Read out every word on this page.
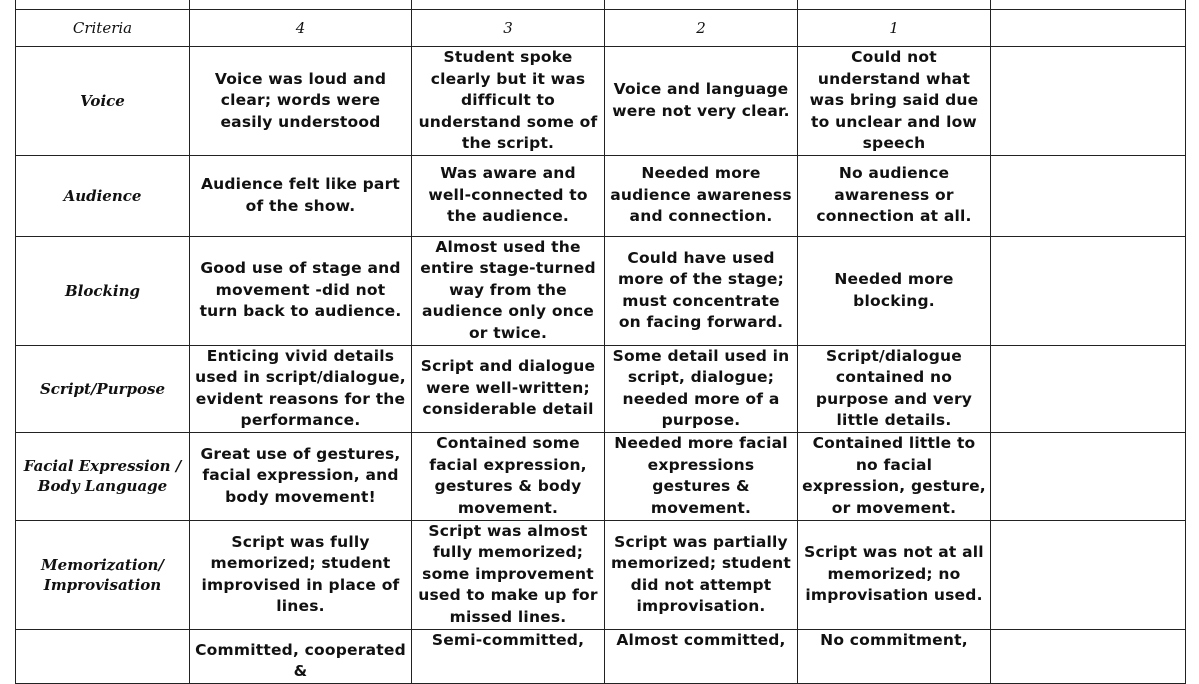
Criteria	4	3	2	1	
Voice	Voice was loud and clear; words were easily understood	Student spoke clearly but it was difficult to understand some of the script.	Voice and language were not very clear.	Could not understand what was bring said due to unclear and low speech	
Audience	Audience felt like part of the show.	Was aware and well-connected to the audience.	Needed more audience awareness and connection.	No audience awareness or connection at all.	
Blocking	Good use of stage and movement -did not turn back to audience.	Almost used the entire stage-turned way from the audience only once or twice.	Could have used more of the stage; must concentrate on facing forward.	Needed more blocking.	
Script/Purpose	Enticing vivid details used in script/dialogue, evident reasons for the performance.	Script and dialogue were well-written; considerable detail	Some detail used in script, dialogue; needed more of a purpose.	Script/dialogue contained no purpose and very little details.	
Facial Expression / Body Language	Great use of gestures, facial expression, and body movement!	Contained some facial expression, gestures & body movement.	Needed more facial expressions gestures & movement.	Contained little to no facial expression, gesture, or movement.	
Memorization/ Improvisation	Script was fully memorized; student improvised in place of lines.	Script was almost fully memorized; some improvement used to make up for missed lines.	Script was partially memorized; student did not attempt improvisation.	Script was not at all memorized; no improvisation used.	
	Committed, cooperated &	Semi-committed,	Almost committed,	No commitment,	
